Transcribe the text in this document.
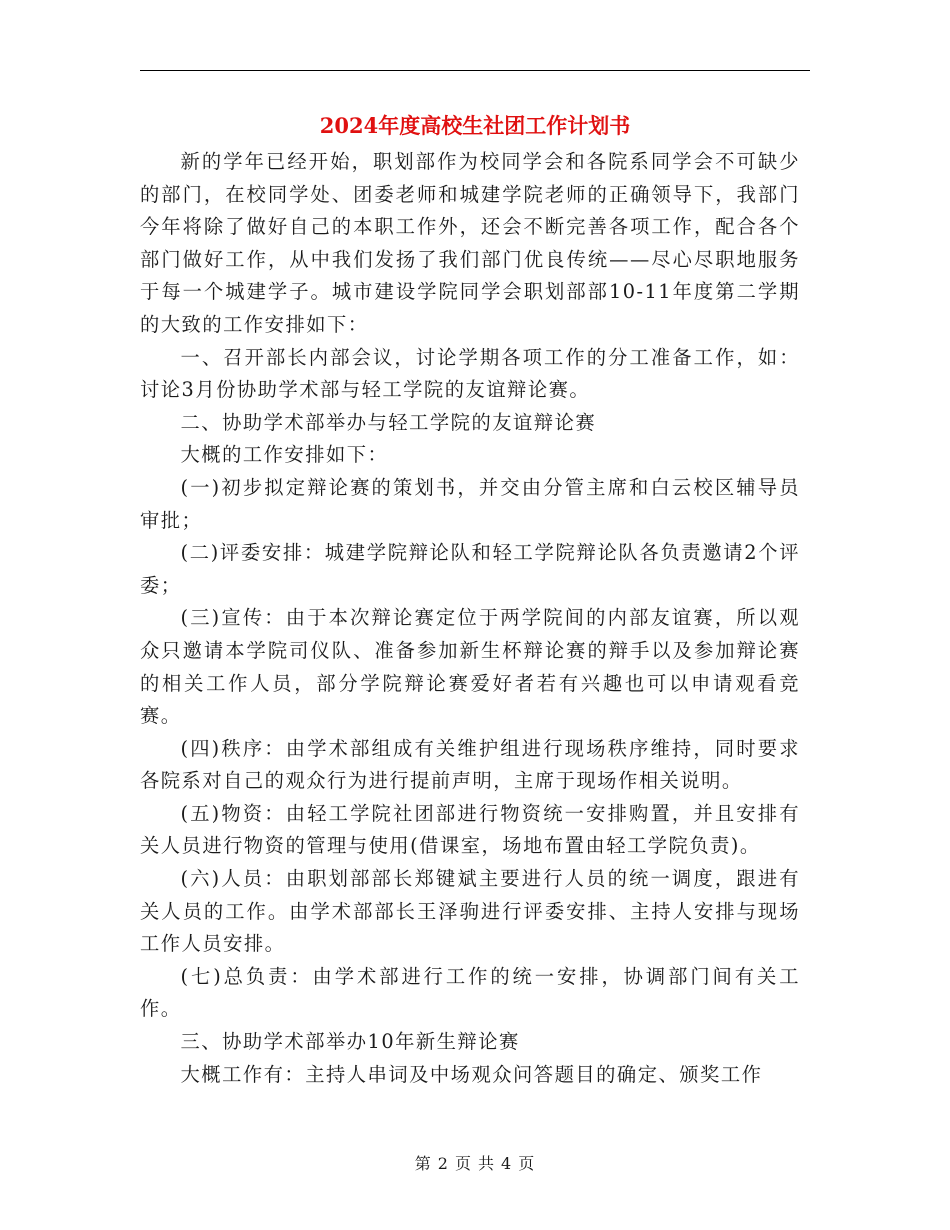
2024年度高校生社团工作计划书

新的学年已经开始，职划部作为校同学会和各院系同学会不可缺少的部门，在校同学处、团委老师和城建学院老师的正确领导下，我部门今年将除了做好自己的本职工作外，还会不断完善各项工作，配合各个部门做好工作，从中我们发扬了我们部门优良传统——尽心尽职地服务于每一个城建学子。城市建设学院同学会职划部部10-11年度第二学期的大致的工作安排如下：

一、召开部长内部会议，讨论学期各项工作的分工准备工作，如：讨论3月份协助学术部与轻工学院的友谊辩论赛。

二、协助学术部举办与轻工学院的友谊辩论赛

大概的工作安排如下：

(一)初步拟定辩论赛的策划书，并交由分管主席和白云校区辅导员审批；

(二)评委安排：城建学院辩论队和轻工学院辩论队各负责邀请2个评委；

(三)宣传：由于本次辩论赛定位于两学院间的内部友谊赛，所以观众只邀请本学院司仪队、准备参加新生杯辩论赛的辩手以及参加辩论赛的相关工作人员，部分学院辩论赛爱好者若有兴趣也可以申请观看竞赛。

(四)秩序：由学术部组成有关维护组进行现场秩序维持，同时要求各院系对自己的观众行为进行提前声明，主席于现场作相关说明。

(五)物资：由轻工学院社团部进行物资统一安排购置，并且安排有关人员进行物资的管理与使用(借课室，场地布置由轻工学院负责)。

(六)人员：由职划部部长郑键斌主要进行人员的统一调度，跟进有关人员的工作。由学术部部长王泽驹进行评委安排、主持人安排与现场工作人员安排。

(七)总负责：由学术部进行工作的统一安排，协调部门间有关工作。

三、协助学术部举办10年新生辩论赛

大概工作有：主持人串词及中场观众问答题目的确定、颁奖工作

第 2 页 共 4 页
